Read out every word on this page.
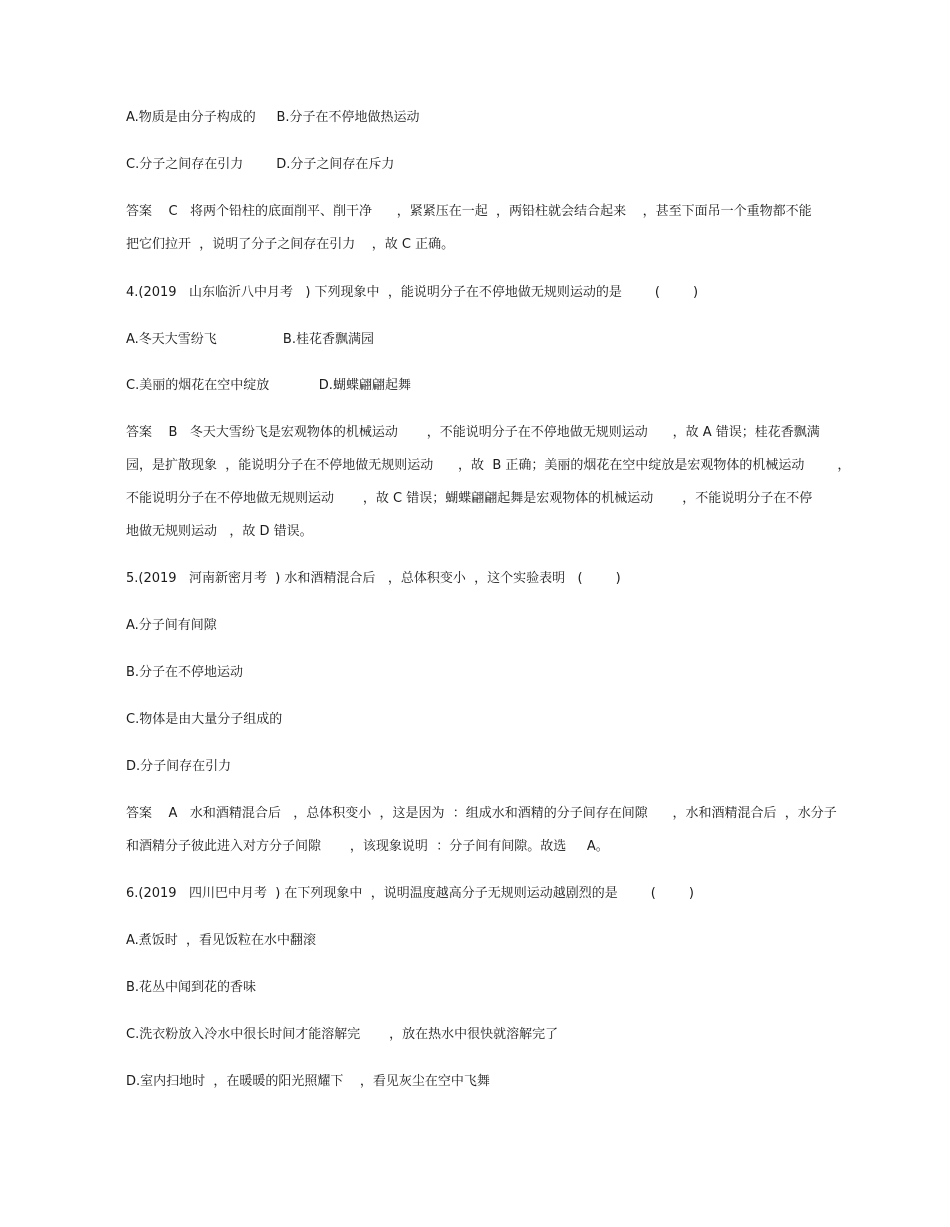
A.物质是由分子构成的     B.分子在不停地做热运动

C.分子之间存在引力        D.分子之间存在斥力

答案    C   将两个铅柱的底面削平、削干净      ，紧紧压在一起  ，两铅柱就会结合起来    ，甚至下面吊一个重物都不能

把它们拉开  ，说明了分子之间存在引力    ，故 C 正确。

4.(2019   山东临沂八中月考   ) 下列现象中  ，能说明分子在不停地做无规则运动的是        (        )

A.冬天大雪纷飞                B.桂花香飘满园

C.美丽的烟花在空中绽放            D.蝴蝶翩翩起舞

答案    B   冬天大雪纷飞是宏观物体的机械运动       ，不能说明分子在不停地做无规则运动      ，故 A 错误；桂花香飘满

园，是扩散现象  ，能说明分子在不停地做无规则运动      ，故  B 正确；美丽的烟花在空中绽放是宏观物体的机械运动        ，

不能说明分子在不停地做无规则运动       ，故 C 错误；蝴蝶翩翩起舞是宏观物体的机械运动       ，不能说明分子在不停

地做无规则运动   ，故 D 错误。

5.(2019   河南新密月考  ) 水和酒精混合后   ，总体积变小  ，这个实验表明   (        )

A.分子间有间隙

B.分子在不停地运动

C.物体是由大量分子组成的

D.分子间存在引力

答案    A   水和酒精混合后   ，总体积变小  ，这是因为  ：组成水和酒精的分子间存在间隙      ，水和酒精混合后  ，水分子

和酒精分子彼此进入对方分子间隙       ，该现象说明  ：分子间有间隙。故选     A。

6.(2019   四川巴中月考  ) 在下列现象中  ，说明温度越高分子无规则运动越剧烈的是        (        )

A.煮饭时  ，看见饭粒在水中翻滚

B.花丛中闻到花的香味

C.洗衣粉放入冷水中很长时间才能溶解完       ，放在热水中很快就溶解完了

D.室内扫地时  ，在暖暖的阳光照耀下    ，看见灰尘在空中飞舞
